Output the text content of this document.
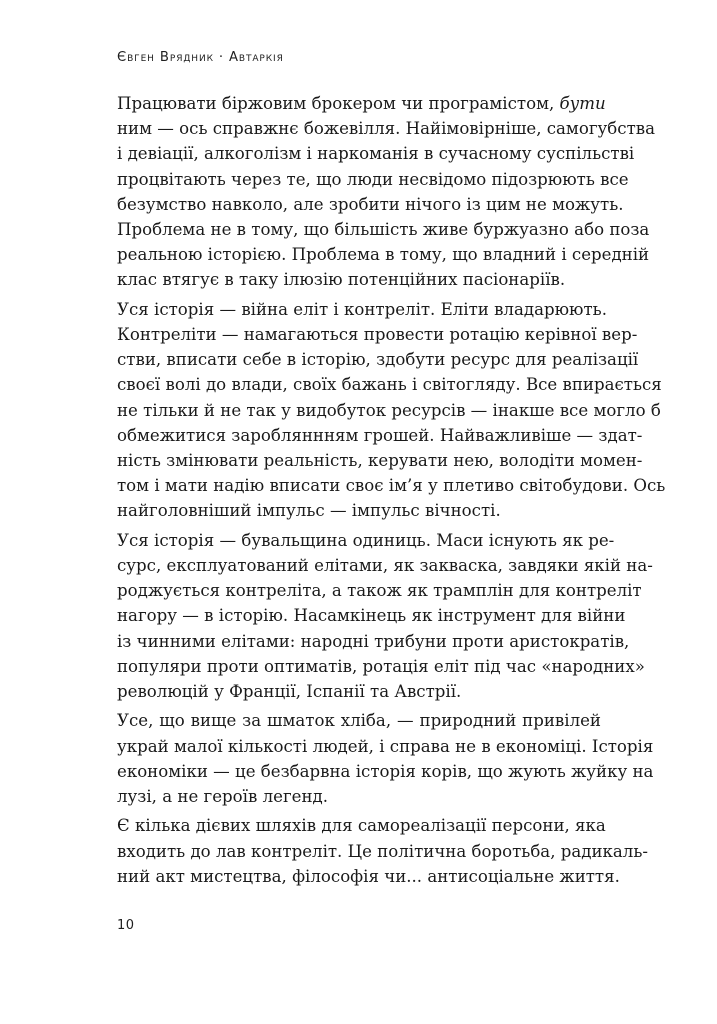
Євген Врядник · Автаркія
Працювати біржовим брокером чи програмістом, бути
ним — ось справжнє божевілля. Найімовірніше, самогубства
і девіації, алкоголізм і наркоманія в сучасному суспільстві
процвітають через те, що люди несвідомо підозрюють все
безумство навколо, але зробити нічого із цим не можуть.
Проблема не в тому, що більшість живе буржуазно або поза
реальною історією. Проблема в тому, що владний і середній
клас втягує в таку ілюзію потенційних пасіонаріїв.
Уся історія — війна еліт і контреліт. Еліти владарюють.
Контреліти — намагаються провести ротацію керівної вер-
стви, вписати себе в історію, здобути ресурс для реалізації
своєї волі до влади, своїх бажань і світогляду. Все впирається
не тільки й не так у видобуток ресурсів — інакше все могло б
обмежитися заробляннням грошей. Найважливіше — здат-
ність змінювати реальність, керувати нею, володіти момен-
том і мати надію вписати своє ім’я у плетиво світобудови. Ось
найголовніший імпульс — імпульс вічності.
Уся історія — бувальщина одиниць. Маси існують як ре-
сурс, експлуатований елітами, як закваска, завдяки якій на-
роджується контреліта, а також як трамплін для контреліт
нагору — в історію. Насамкінець як інструмент для війни
із чинними елітами: народні трибуни проти аристократів,
популяри проти оптиматів, ротація еліт під час «народних»
революцій у Франції, Іспанії та Австрії.
Усе, що вище за шматок хліба, — природний привілей
украй малої кількості людей, і справа не в економіці. Історія
економіки — це безбарвна історія корів, що жують жуйку на
лузі, а не героїв легенд.
Є кілька дієвих шляхів для самореалізації персони, яка
входить до лав контреліт. Це політична боротьба, радикаль-
ний акт мистецтва, філософія чи... антисоціальне життя.
10
